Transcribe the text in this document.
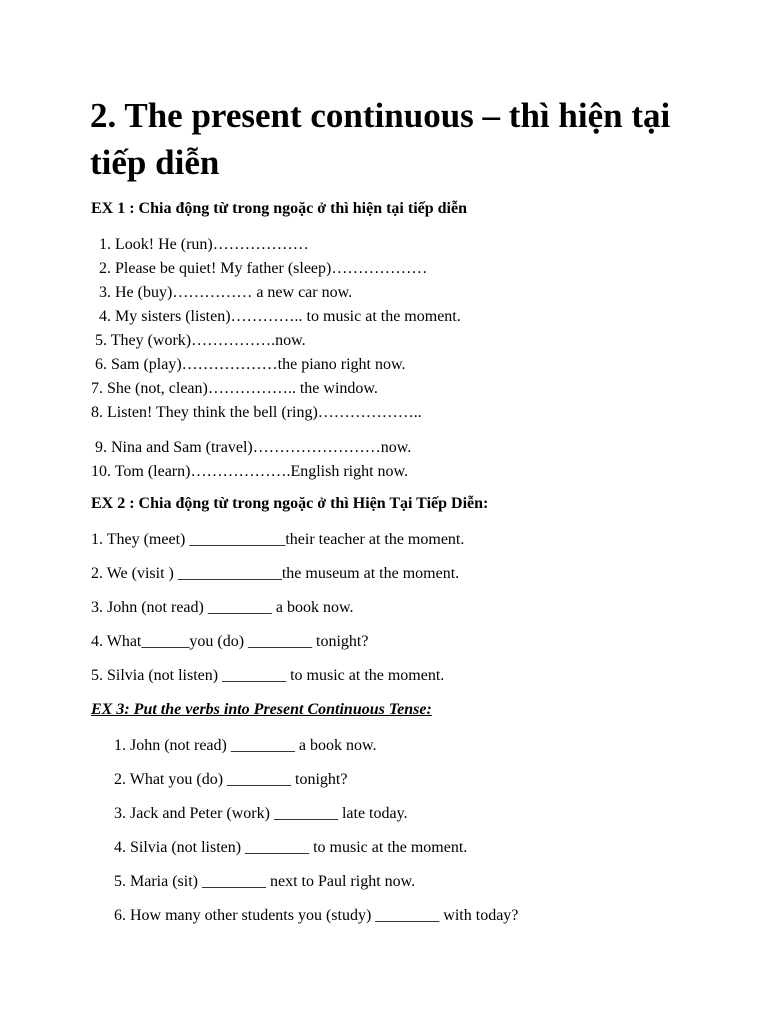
2. The present continuous – thì hiện tại tiếp diễn

EX 1 : Chia động từ trong ngoặc ở thì hiện tại tiếp diễn

1. Look! He (run)………………
2. Please be quiet! My father (sleep)………………
3. He (buy)…………… a new car now.
4. My sisters (listen)………….. to music at the moment.
5. They (work)…………….now.
6. Sam (play)………………the piano right now.
7. She (not, clean)…………….. the window.
8. Listen! They think the bell (ring)………………..
9. Nina and Sam (travel)……………………now.
10. Tom (learn)……………….English right now.

EX 2 : Chia động từ trong ngoặc ở thì Hiện Tại Tiếp Diễn:

1. They (meet) ____________their teacher at the moment.
2. We (visit ) _____________the museum at the moment.
3. John (not read) ________ a book now.
4. What______you (do) ________ tonight?
5. Silvia (not listen) ________ to music at the moment.

EX 3: Put the verbs into Present Continuous Tense:

1. John (not read) ________ a book now.
2. What you (do) ________ tonight?
3. Jack and Peter (work) ________ late today.
4. Silvia (not listen) ________ to music at the moment.
5. Maria (sit) ________ next to Paul right now.
6. How many other students you (study) ________ with today?
